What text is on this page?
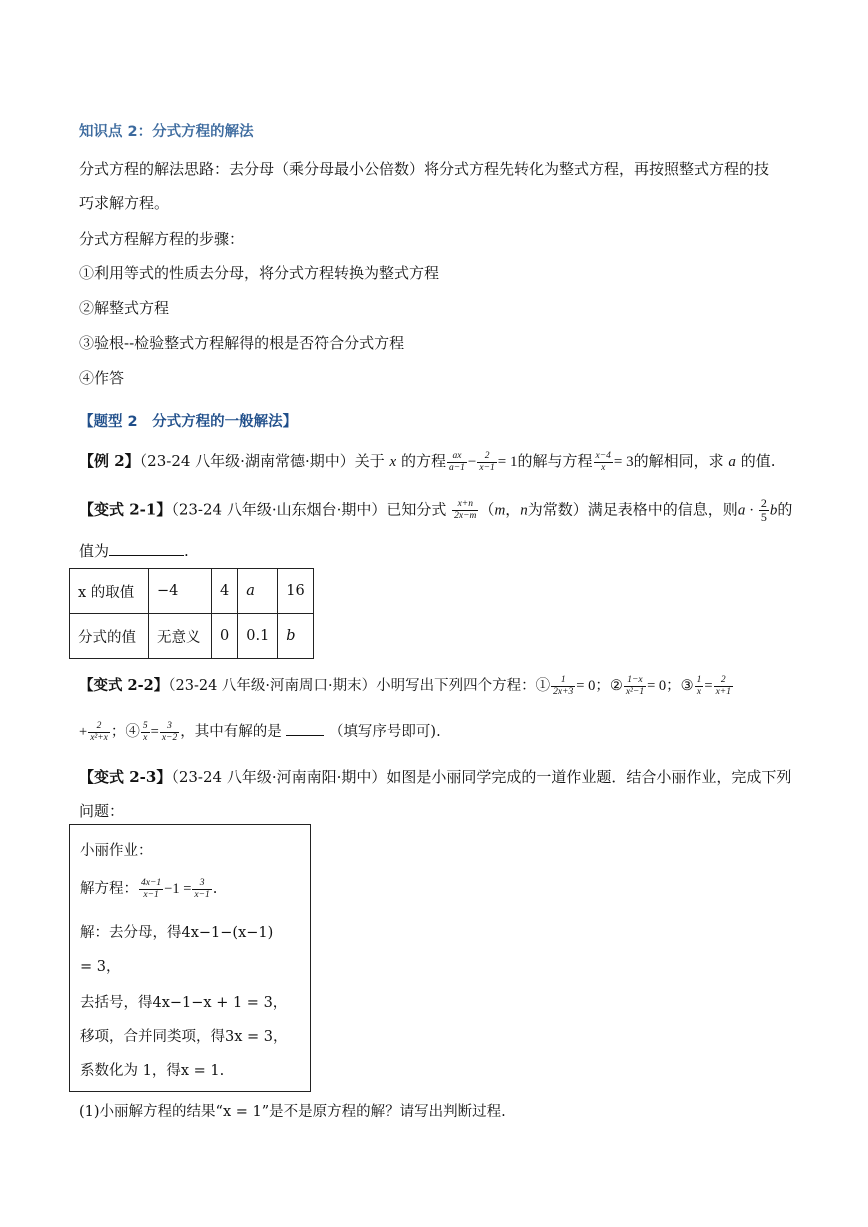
知识点 2：分式方程的解法
分式方程的解法思路：去分母（乘分母最小公倍数）将分式方程先转化为整式方程，再按照整式方程的技
巧求解方程。
分式方程解方程的步骤：
①利用等式的性质去分母，将分式方程转换为整式方程
②解整式方程
③验根--检验整式方程解得的根是否符合分式方程
④作答
【题型 2　分式方程的一般解法】
【例 2】（23-24 八年级·湖南常德·期中）关于 x 的方程 $\frac{ax}{a-1} - \frac{2}{x-1} = 1$的解与方程 $\frac{x-4}{x} = 3$的解相同，求 a 的值.
【变式 2-1】（23-24 八年级·山东烟台·期中）已知分式 $\frac{x+n}{2x-m} (m$，n为常数）满足表格中的信息，则$a \cdot \frac{2}{5}$ b的
值为	.
x 的取值	−4	4	a	16
分式的值	无意义	0	0.1	b
【变式 2-2】（23-24 八年级·河南周口·期末）小明写出下列四个方程：① $\frac{1}{2x+3} = 0$；② $\frac{1-x}{\text{x²−1}} = 0$；③ $\frac{1}{x} = \frac{2}{x+1}$
+ $\frac{2}{\text{x²+x}}$ ；④ $\frac{5}{x} = \frac{3}{x-2}$ ，其中有解的是	（填写序号即可).
【变式 2-3】（23-24 八年级·河南南阳·期中）如图是小丽同学完成的一道作业题．结合小丽作业，完成下列
问题：
小丽作业：
解方程： $\frac{4x-1}{x-1} -1 = \frac{3}{x-1}$ .
解：去分母，得4x−1−(x−1)
= 3，
去括号，得4x−1−x + 1 = 3，
移项，合并同类项，得3x = 3，
系数化为 1，得x = 1.
(1)小丽解方程的结果“x = 1”是不是原方程的解？请写出判断过程.
